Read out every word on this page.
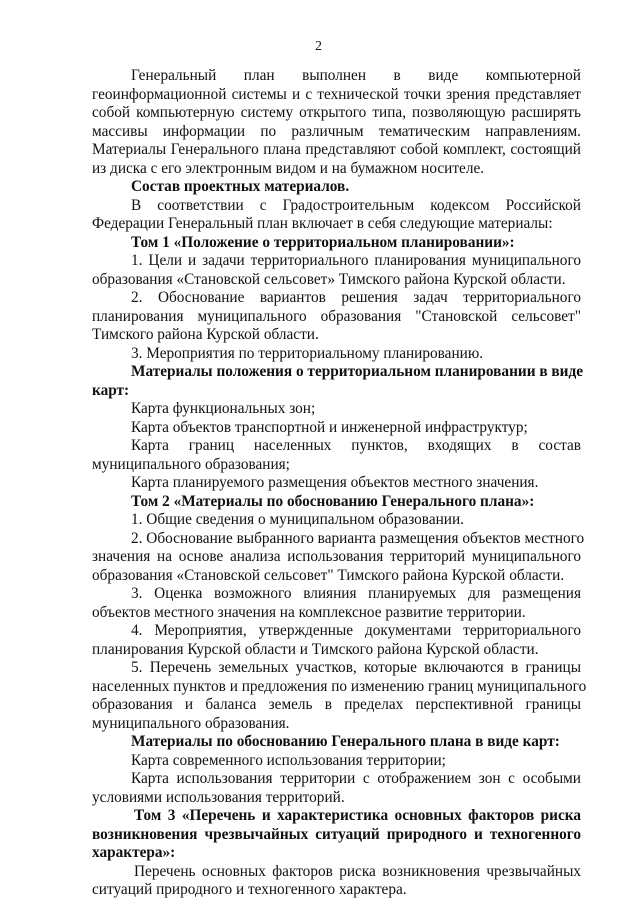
2
Генеральный план выполнен в виде компьютерной
геоинформационной системы и с технической точки зрения представляет
собой компьютерную систему открытого типа, позволяющую расширять
массивы информации по различным тематическим направлениям.
Материалы Генерального плана представляют собой комплект, состоящий
из диска с его электронным видом и на бумажном носителе.
Состав проектных материалов.
В соответствии с Градостроительным кодексом Российской
Федерации Генеральный план включает в себя следующие материалы:
Том 1 «Положение о территориальном планировании»:
1. Цели и задачи территориального планирования муниципального
образования «Становской сельсовет» Тимского района Курской области.
2. Обоснование вариантов решения задач территориального
планирования муниципального образования "Становской сельсовет"
Тимского района Курской области.
3. Мероприятия по территориальному планированию.
Материалы положения о территориальном планировании в виде
карт:
Карта функциональных зон;
Карта объектов транспортной и инженерной инфраструктур;
Карта границ населенных пунктов, входящих в состав
муниципального образования;
Карта планируемого размещения объектов местного значения.
Том 2 «Материалы по обоснованию Генерального плана»:
1. Общие сведения о муниципальном образовании.
2. Обоснование выбранного варианта размещения объектов местного
значения на основе анализа использования территорий муниципального
образования «Становской сельсовет" Тимского района Курской области.
3. Оценка возможного влияния планируемых для размещения
объектов местного значения на комплексное развитие территории.
4. Мероприятия, утвержденные документами территориального
планирования Курской области и Тимского района Курской области.
5. Перечень земельных участков, которые включаются в границы
населенных пунктов и предложения по изменению границ муниципального
образования и баланса земель в пределах перспективной границы
муниципального образования.
Материалы по обоснованию Генерального плана в виде карт:
Карта современного использования территории;
Карта использования территории с отображением зон с особыми
условиями использования территорий.
Том 3 «Перечень и характеристика основных факторов риска
возникновения чрезвычайных ситуаций природного и техногенного
характера»:
Перечень основных факторов риска возникновения чрезвычайных
ситуаций природного и техногенного характера.
